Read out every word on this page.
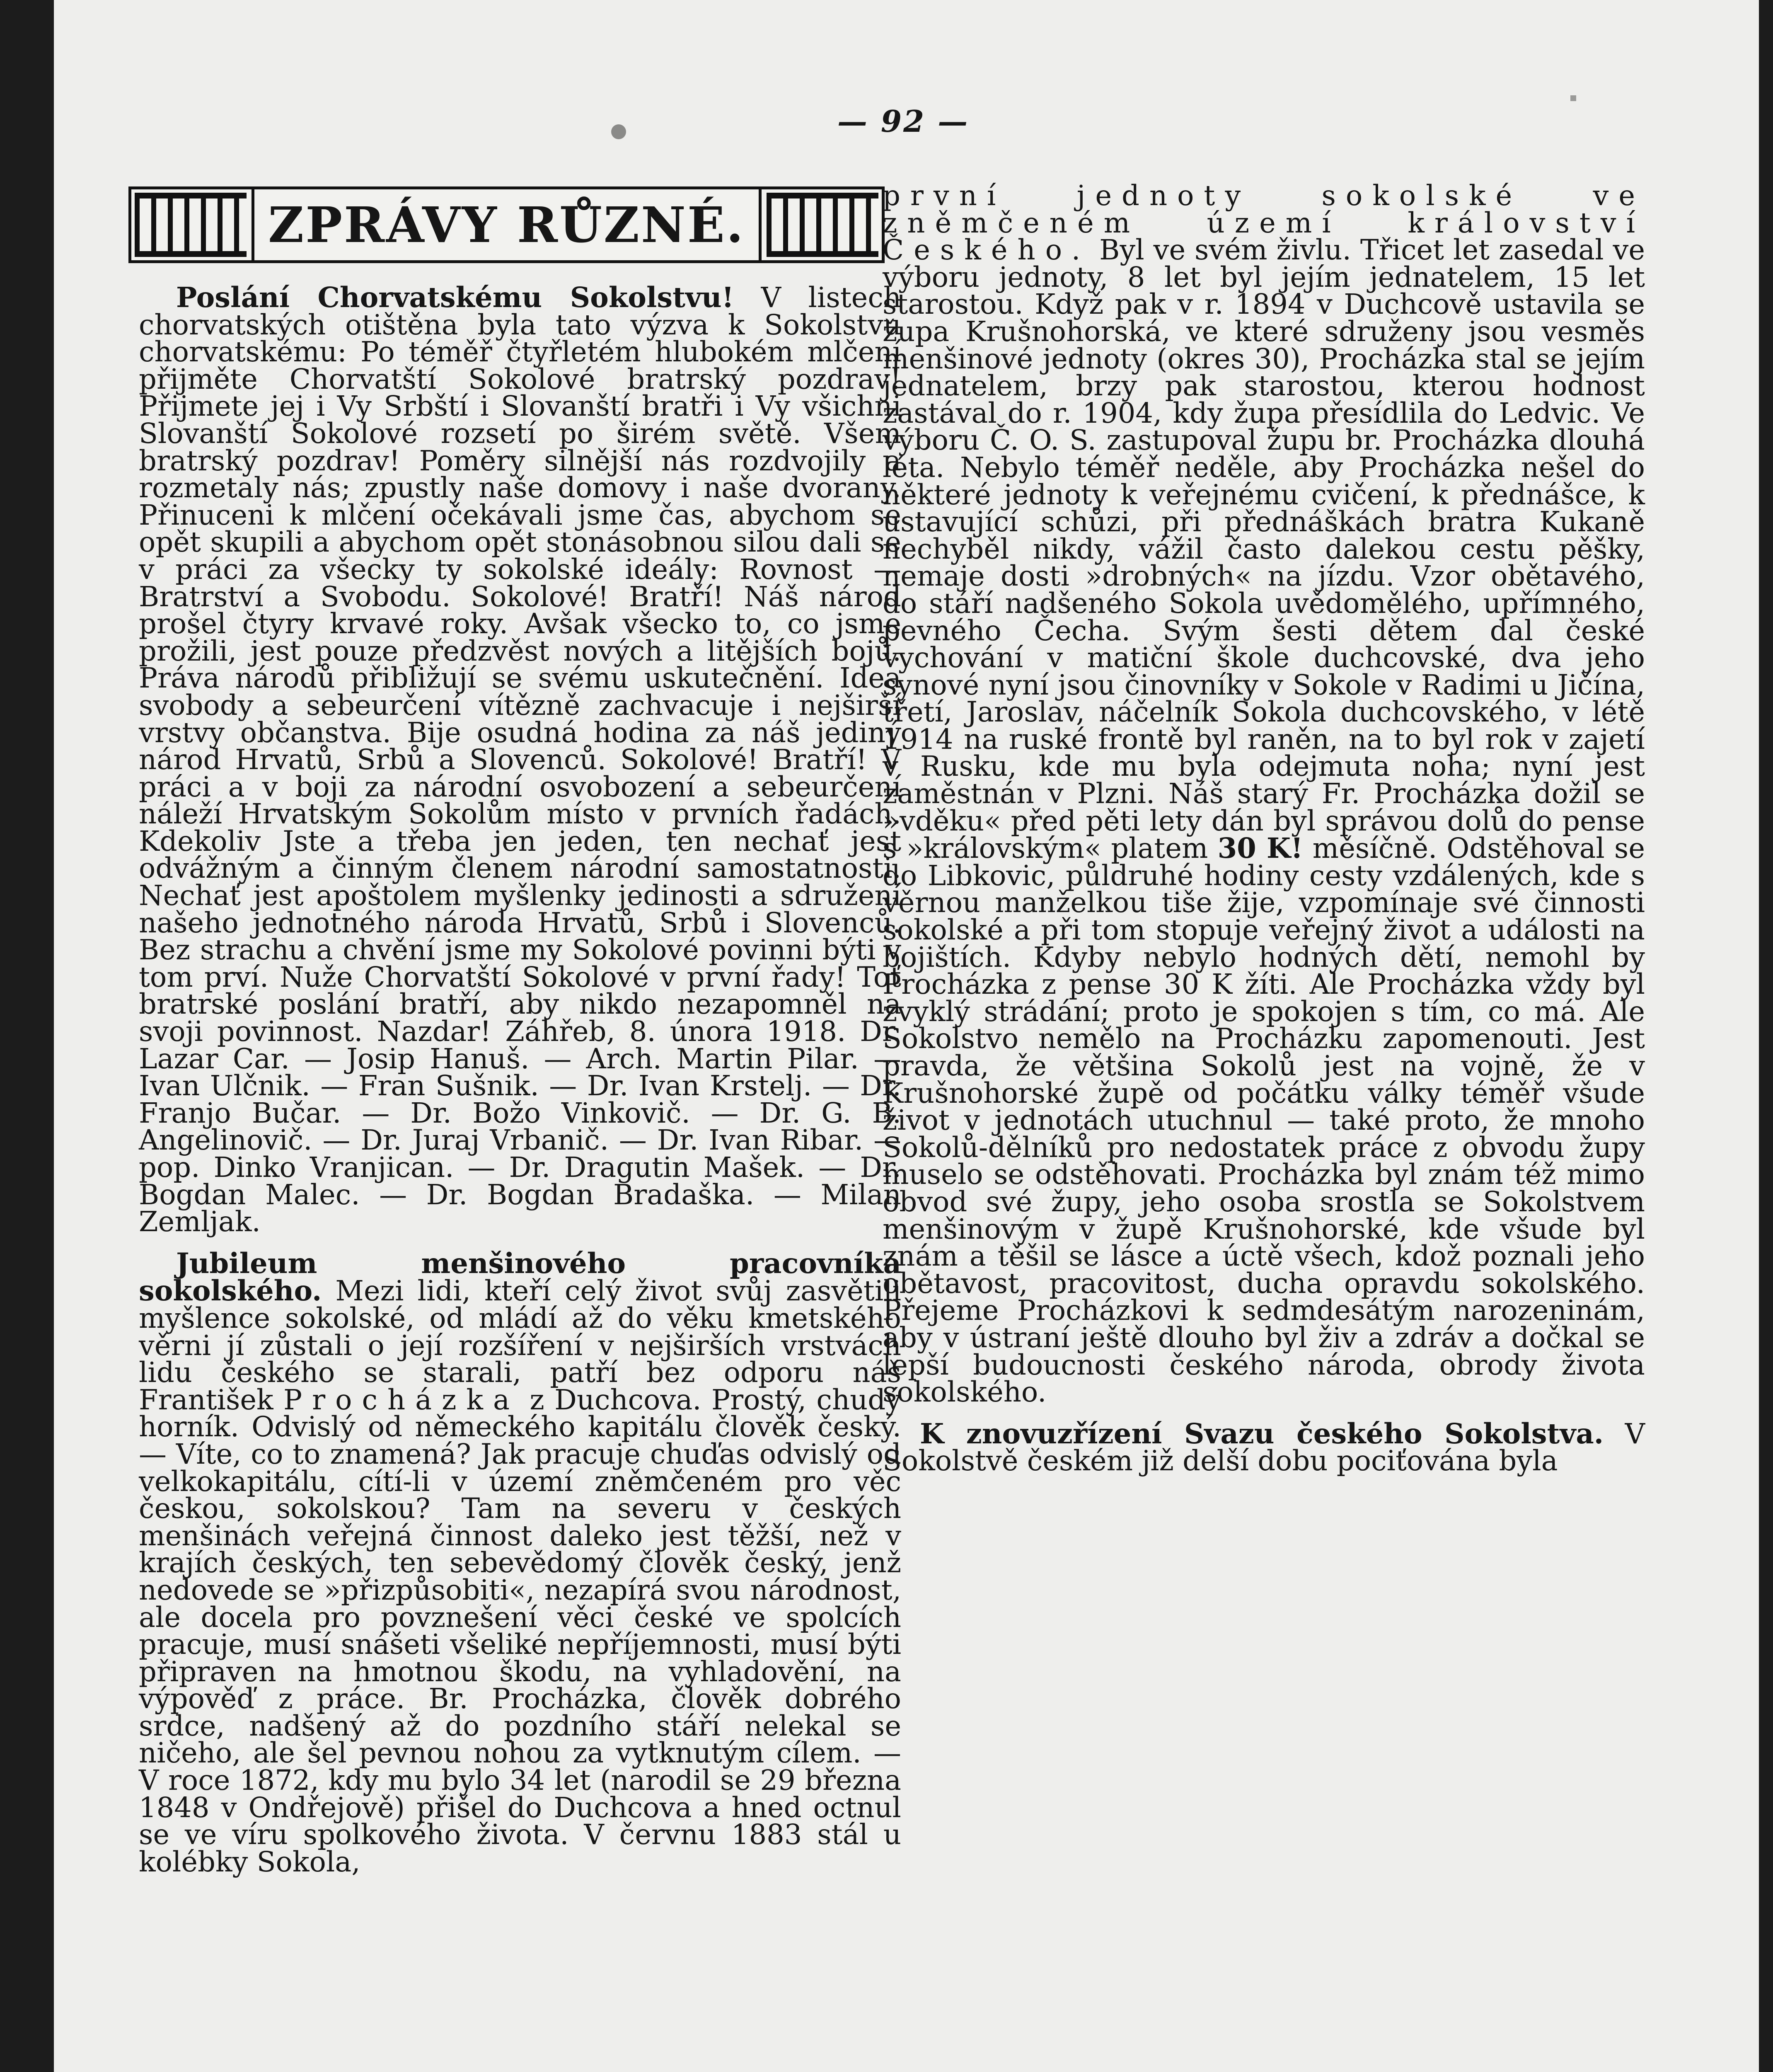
— 92 —
ZPRÁVY RŮZNÉ.

Poslání Chorvatskému Sokolstvu! V listech chorvatských otištěna byla tato výzva k Sokolstvu chorvatskému: Po téměř čtyřletém hlubokém mlčení přijměte Chorvatští Sokolové bratrský pozdrav! Přijmete jej i Vy Srbští i Slovanští bratři i Vy všichni Slovanští Sokolové rozsetí po širém světě. Všem bratrský pozdrav! Poměry silnější nás rozdvojily a rozmetaly nás; zpustly naše domovy i naše dvorany. Přinuceni k mlčení očekávali jsme čas, abychom se opět skupili a abychom opět stonásobnou silou dali se v práci za všecky ty sokolské ideály: Rovnost — Bratrství a Svobodu. Sokolové! Bratří! Náš národ prošel čtyry krvavé roky. Avšak všecko to, co jsme prožili, jest pouze předzvěst nových a litějších bojů. Práva národů přibližují se svému uskutečnění. Idea svobody a sebeurčení vítězně zachvacuje i nejširší vrstvy občanstva. Bije osudná hodina za náš jediný národ Hrvatů, Srbů a Slovenců. Sokolové! Bratří! V práci a v boji za národní osvobození a sebeurčení náleží Hrvatským Sokolům místo v prvních řadách. Kdekoliv Jste a třeba jen jeden, ten nechať jest odvážným a činným členem národní samostatnosti. Nechať jest apoštolem myšlenky jedinosti a sdružení našeho jednotného národa Hrvatů, Srbů i Slovenců. Bez strachu a chvění jsme my Sokolové povinni býti v tom prví. Nuže Chorvatští Sokolové v první řady! Toť bratrské poslání bratří, aby nikdo nezapomněl na svoji povinnost. Nazdar! Záhřeb, 8. února 1918. Dr. Lazar Car. — Josip Hanuš. — Arch. Martin Pilar. — Ivan Ulčnik. — Fran Sušnik. — Dr. Ivan Krstelj. — Dr. Franjo Bučar. — Dr. Božo Vinkovič. — Dr. G. B. Angelinovič. — Dr. Juraj Vrbanič. — Dr. Ivan Ribar. — pop. Dinko Vranjican. — Dr. Dragutin Mašek. — Dr. Bogdan Malec. — Dr. Bogdan Bradaška. — Milan Zemljak.

Jubileum menšinového pracovníka sokolského. Mezi lidi, kteří celý život svůj zasvětili myšlence sokolské, od mládí až do věku kmetského věrni jí zůstali o její rozšíření v nejširších vrstvách lidu českého se starali, patří bez odporu náš František Procházka z Duchcova. Prostý, chudý horník. Odvislý od německého kapitálu člověk český. — Víte, co to znamená? Jak pracuje chuďas odvislý od velkokapitálu, cítí-li v území zněmčeném pro věc českou, sokolskou? Tam na severu v českých menšinách veřejná činnost daleko jest těžší, než v krajích českých, ten sebevědomý člověk český, jenž nedovede se »přizpůsobiti«, nezapírá svou národnost, ale docela pro povznešení věci české ve spolcích pracuje, musí snášeti všeliké nepříjemnosti, musí býti připraven na hmotnou škodu, na vyhladovění, na výpověď z práce. Br. Procházka, člověk dobrého srdce, nadšený až do pozdního stáří nelekal se ničeho, ale šel pevnou nohou za vytknutým cílem. — V roce 1872, kdy mu bylo 34 let (narodil se 29 března 1848 v Ondřejově) přišel do Duchcova a hned octnul se ve víru spolkového života. V červnu 1883 stál u kolébky Sokola,

první jednoty sokolské ve zněmčeném území království Českého. Byl ve svém živlu. Třicet let zasedal ve výboru jednoty, 8 let byl jejím jednatelem, 15 let starostou. Když pak v r. 1894 v Duchcově ustavila se župa Krušnohorská, ve které sdruženy jsou vesměs menšinové jednoty (okres 30), Procházka stal se jejím jednatelem, brzy pak starostou, kterou hodnost zastával do r. 1904, kdy župa přesídlila do Ledvic. Ve výboru Č. O. S. zastupoval župu br. Procházka dlouhá léta. Nebylo téměř neděle, aby Procházka nešel do některé jednoty k veřejnému cvičení, k přednášce, k ustavující schůzi, při přednáškách bratra Kukaně nechyběl nikdy, vážil často dalekou cestu pěšky, nemaje dosti »drobných« na jízdu. Vzor obětavého, do stáří nadšeného Sokola uvědomělého, upřímného, pevného Čecha. Svým šesti dětem dal české vychování v matiční škole duchcovské, dva jeho synové nyní jsou činovníky v Sokole v Radimi u Jičína, třetí, Jaroslav, náčelník Sokola duchcovského, v létě 1914 na ruské frontě byl raněn, na to byl rok v zajetí v Rusku, kde mu byla odejmuta noha; nyní jest zaměstnán v Plzni. Náš starý Fr. Procházka dožil se »vděku« před pěti lety dán byl správou dolů do pense s »královským« platem 30 K! měsíčně. Odstěhoval se do Libkovic, půldruhé hodiny cesty vzdálených, kde s věrnou manželkou tiše žije, vzpomínaje své činnosti sokolské a při tom stopuje veřejný život a události na bojištích. Kdyby nebylo hodných dětí, nemohl by Procházka z pense 30 K žíti. Ale Procházka vždy byl zvyklý strádání; proto je spokojen s tím, co má. Ale Sokolstvo nemělo na Procházku zapomenouti. Jest pravda, že většina Sokolů jest na vojně, že v Krušnohorské župě od počátku války téměř všude život v jednotách utuchnul — také proto, že mnoho Sokolů-dělníků pro nedostatek práce z obvodu župy muselo se odstěhovati. Procházka byl znám též mimo obvod své župy, jeho osoba srostla se Sokolstvem menšinovým v župě Krušnohorské, kde všude byl znám a těšil se lásce a úctě všech, kdož poznali jeho obětavost, pracovitost, ducha opravdu sokolského. Přejeme Procházkovi k sedmdesátým narozeninám, aby v ústraní ještě dlouho byl živ a zdráv a dočkal se lepší budoucnosti českého národa, obrody života sokolského.

K znovuzřízení Svazu českého Sokolstva. V Sokolstvě českém již delší dobu pociťována byla
